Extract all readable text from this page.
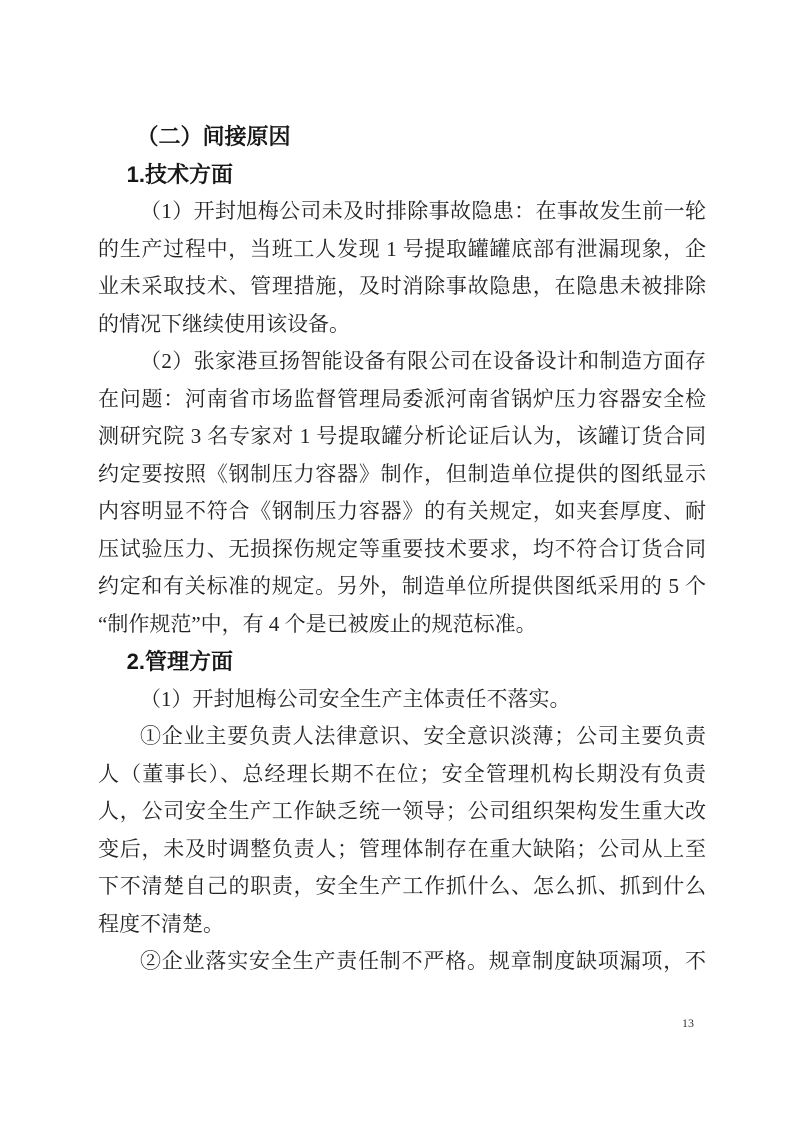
（二）间接原因
1.技术方面

（1）开封旭梅公司未及时排除事故隐患：在事故发生前一轮的生产过程中，当班工人发现 1 号提取罐罐底部有泄漏现象，企业未采取技术、管理措施，及时消除事故隐患，在隐患未被排除的情况下继续使用该设备。

（2）张家港亘扬智能设备有限公司在设备设计和制造方面存在问题：河南省市场监督管理局委派河南省锅炉压力容器安全检测研究院 3 名专家对 1 号提取罐分析论证后认为，该罐订货合同约定要按照《钢制压力容器》制作，但制造单位提供的图纸显示内容明显不符合《钢制压力容器》的有关规定，如夹套厚度、耐压试验压力、无损探伤规定等重要技术要求，均不符合订货合同约定和有关标准的规定。另外，制造单位所提供图纸采用的 5 个“制作规范”中，有 4 个是已被废止的规范标准。

2.管理方面

（1）开封旭梅公司安全生产主体责任不落实。

①企业主要负责人法律意识、安全意识淡薄；公司主要负责人（董事长）、总经理长期不在位；安全管理机构长期没有负责人，公司安全生产工作缺乏统一领导；公司组织架构发生重大改变后，未及时调整负责人；管理体制存在重大缺陷；公司从上至下不清楚自己的职责，安全生产工作抓什么、怎么抓、抓到什么程度不清楚。

②企业落实安全生产责任制不严格。规章制度缺项漏项，不

13
